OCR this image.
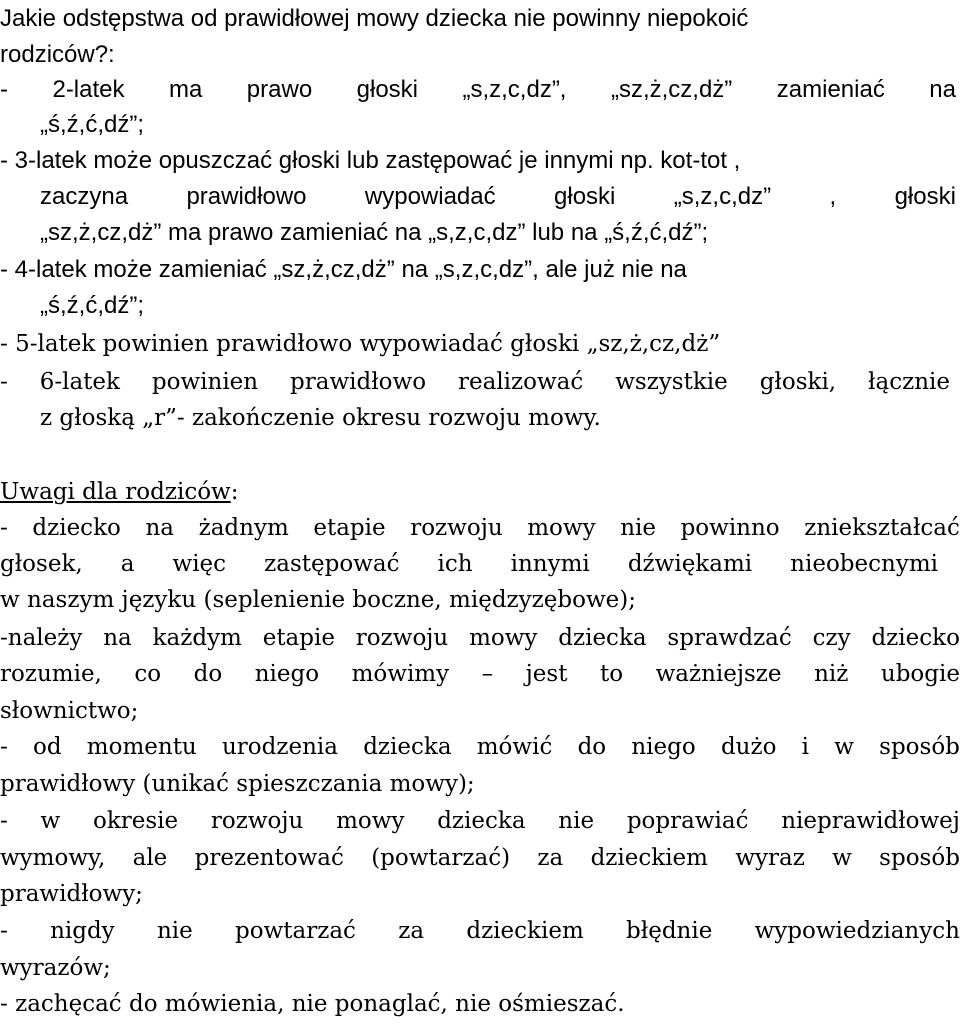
Jakie odstępstwa od prawidłowej mowy dziecka nie powinny niepokoić
rodziców?:
- 2-latek ma prawo głoski „s,z,c,dz”, „sz,ż,cz,dż” zamieniać na
„ś,ź,ć,dź”;
- 3-latek może opuszczać głoski lub zastępować je innymi np. kot-tot ,
zaczyna prawidłowo wypowiadać głoski „s,z,c,dz” , głoski
„sz,ż,cz,dż” ma prawo zamieniać na „s,z,c,dz” lub na „ś,ź,ć,dź”;
- 4-latek może zamieniać „sz,ż,cz,dż” na „s,z,c,dz”, ale już nie na
„ś,ź,ć,dź”;
- 5-latek powinien prawidłowo wypowiadać głoski „sz,ż,cz,dż”
- 6-latek powinien prawidłowo realizować wszystkie głoski, łącznie
z głoską „r”- zakończenie okresu rozwoju mowy.
Uwagi dla rodziców:
- dziecko na żadnym etapie rozwoju mowy nie powinno zniekształcać
głosek, a więc zastępować ich innymi dźwiękami nieobecnymi
w naszym języku (seplenienie boczne, międzyzębowe);
-należy na każdym etapie rozwoju mowy dziecka sprawdzać czy dziecko
rozumie, co do niego mówimy – jest to ważniejsze niż ubogie
słownictwo;
- od momentu urodzenia dziecka mówić do niego dużo i w sposób
prawidłowy (unikać spieszczania mowy);
- w okresie rozwoju mowy dziecka nie poprawiać nieprawidłowej
wymowy, ale prezentować (powtarzać) za dzieckiem wyraz w sposób
prawidłowy;
- nigdy nie powtarzać za dzieckiem błędnie wypowiedzianych
wyrazów;
- zachęcać do mówienia, nie ponaglać, nie ośmieszać.
